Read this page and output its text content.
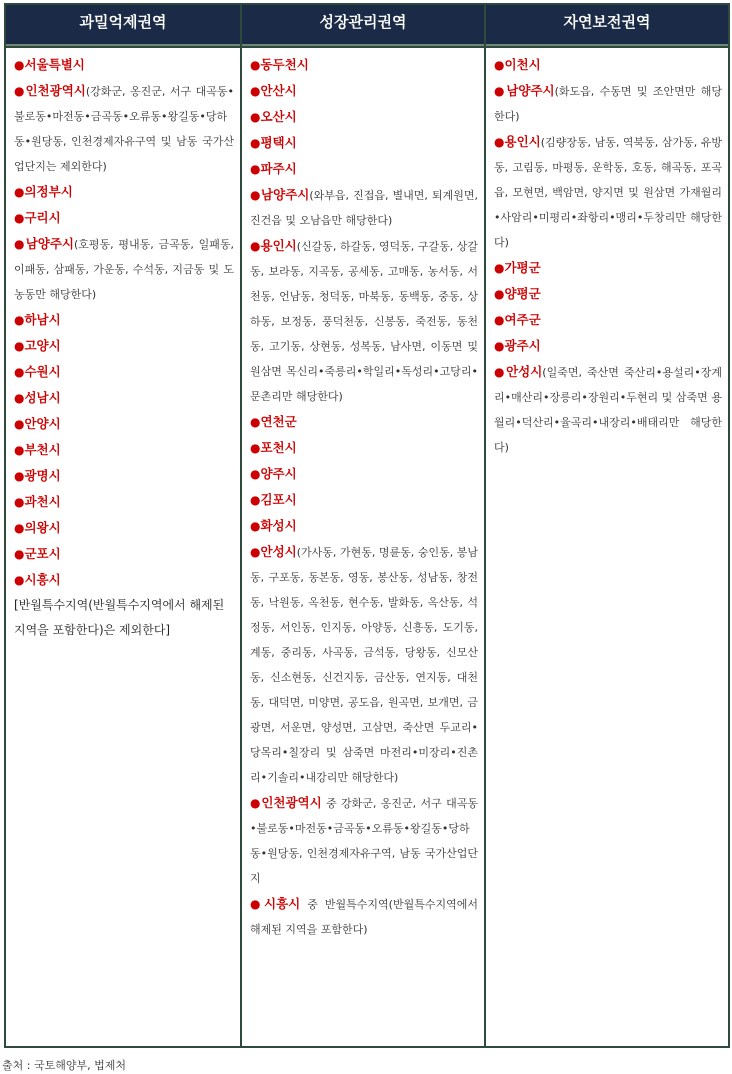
과밀억제권역

●서울특별시

●인천광역시(강화군, 옹진군, 서구 대곡동•불로동•마전동•금곡동•오류동•왕길동•당하동•원당동, 인천경제자유구역 및 남동 국가산업단지는 제외한다)

●의정부시

●구리시

●남양주시(호평동, 평내동, 금곡동, 일패동, 이패동, 삼패동, 가운동, 수석동, 지금동 및 도농동만 해당한다)

●하남시

●고양시

●수원시

●성남시

●안양시

●부천시

●광명시

●과천시

●의왕시

●군포시

●시흥시

[반월특수지역(반월특수지역에서 해제된 지역을 포함한다)은 제외한다]

성장관리권역

●동두천시

●안산시

●오산시

●평택시

●파주시

●남양주시(와부읍, 진접읍, 별내면, 퇴계원면, 진건읍 및 오남읍만 해당한다)

●용인시(신갈동, 하갈동, 영덕동, 구갈동, 상갈동, 보라동, 지곡동, 공세동, 고매동, 농서동, 서천동, 언남동, 청덕동, 마북동, 동백동, 중동, 상하동, 보정동, 풍덕천동, 신봉동, 죽전동, 동천동, 고기동, 상현동, 성복동, 남사면, 이동면 및 원삼면 목신리•죽릉리•학일리•독성리•고당리•문촌리만 해당한다)

●연천군

●포천시

●양주시

●김포시

●화성시

●안성시(가사동, 가현동, 명륜동, 숭인동, 봉남동, 구포동, 동본동, 영동, 봉산동, 성남동, 창전동, 낙원동, 옥천동, 현수동, 발화동, 옥산동, 석정동, 서인동, 인지동, 아양동, 신흥동, 도기동, 계동, 중리동, 사곡동, 금석동, 당왕동, 신모산동, 신소현동, 신건지동, 금산동, 연지동, 대천동, 대덕면, 미양면, 공도읍, 원곡면, 보개면, 금광면, 서운면, 양성면, 고삼면, 죽산면 두교리•당목리•칠장리 및 삼죽면 마전리•미장리•진촌리•기솔리•내강리만 해당한다)

●인천광역시 중 강화군, 옹진군, 서구 대곡동•불로동•마전동•금곡동•오류동•왕길동•당하동•원당동, 인천경제자유구역, 남동 국가산업단지

●시흥시 중 반월특수지역(반월특수지역에서 해제된 지역을 포함한다)

자연보전권역

●이천시

●남양주시(화도읍, 수동면 및 조안면만 해당한다)

●용인시(김량장동, 남동, 역북동, 삼가동, 유방동, 고림동, 마평동, 운학동, 호동, 해곡동, 포곡읍, 모현면, 백암면, 양지면 및 원삼면 가재월리•사암리•미평리•좌항리•맹리•두창리만 해당한다)

●가평군

●양평군

●여주군

●광주시

●안성시(일죽면, 죽산면 죽산리•용설리•장계리•매산리•장릉리•장원리•두현리 및 삼죽면 용월리•덕산리•율곡리•내장리•배태리만 해당한다)

출처 : 국토해양부, 법제처
